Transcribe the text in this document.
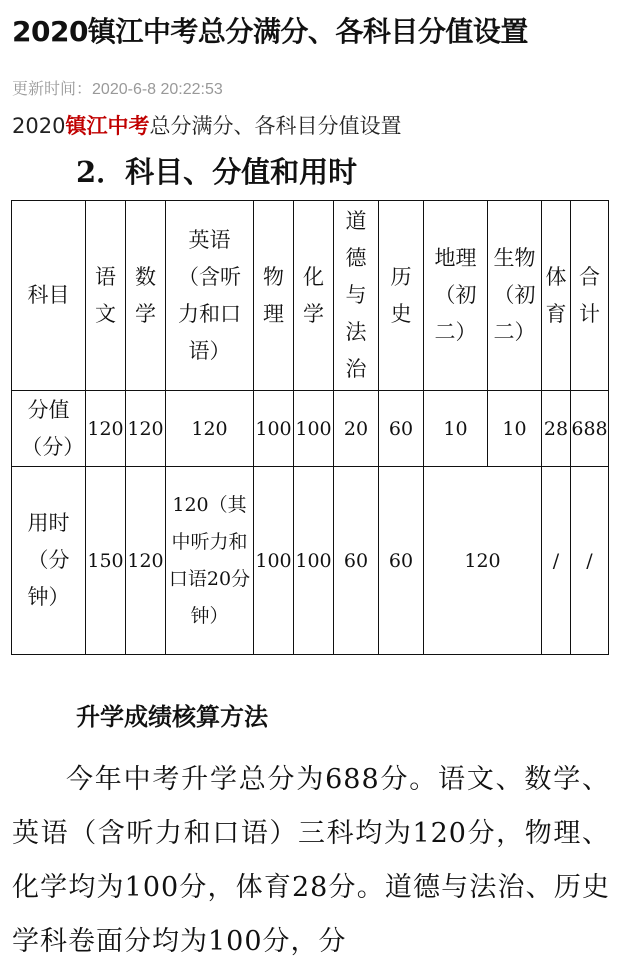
2020镇江中考总分满分、各科目分值设置
更新时间：2020-6-8 20:22:53
2020镇江中考总分满分、各科目分值设置
2．科目、分值和用时
科目	语文	数学	英语（含听力和口语）	物理	化学	道德与法治	历史	地理（初二）	生物（初二）	体育	合计
分值（分）	120	120	120	100	100	20	60	10	10	28	688
用时（分钟）	150	120	120（其中听力和口语20分钟）	100	100	60	60	120		/	/
升学成绩核算方法

今年中考升学总分为688分。语文、数学、英语（含听力和口语）三科均为120分，物理、化学均为100分，体育28分。道德与法治、历史学科卷面分均为100分，分
